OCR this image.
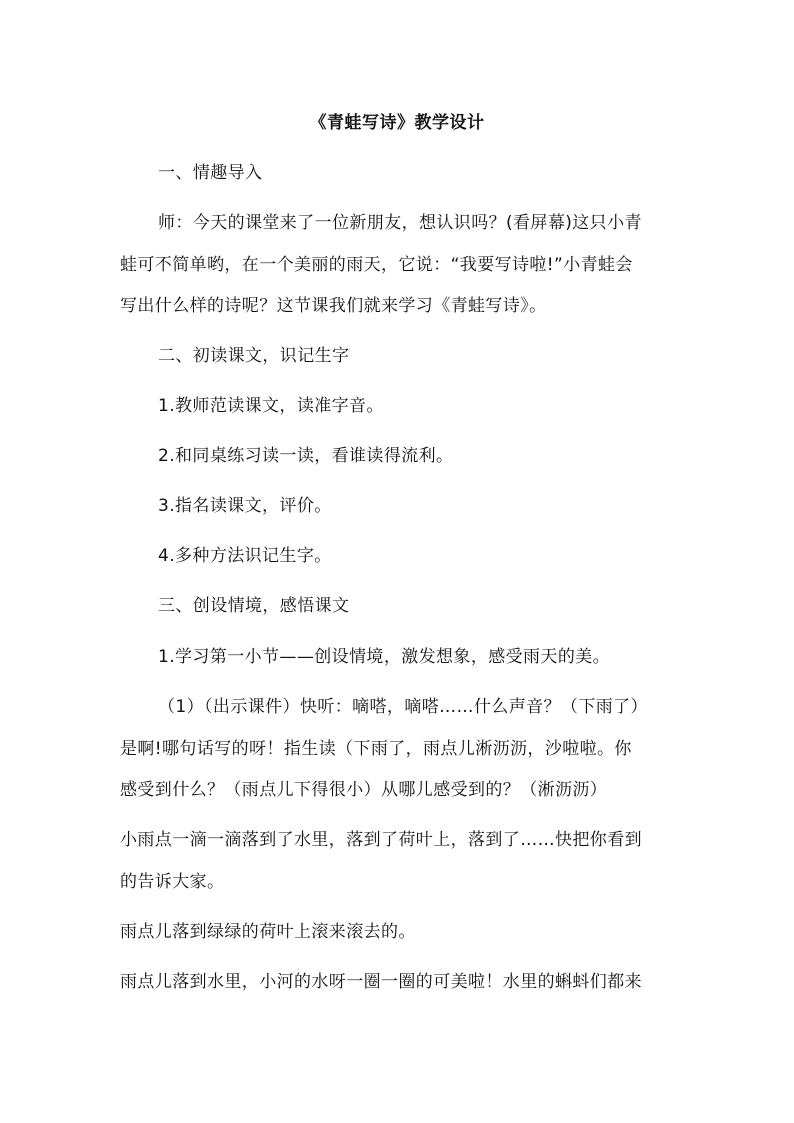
《青蛙写诗》教学设计
一、情趣导入
师：今天的课堂来了一位新朋友，想认识吗？(看屏幕)这只小青
蛙可不简单哟，在一个美丽的雨天，它说：“我要写诗啦!”小青蛙会
写出什么样的诗呢？这节课我们就来学习《青蛙写诗》。
二、初读课文，识记生字
1.教师范读课文，读准字音。
2.和同桌练习读一读，看谁读得流利。
3.指名读课文，评价。
4.多种方法识记生字。
三、创设情境，感悟课文
1.学习第一小节——创设情境，激发想象，感受雨天的美。
（1）（出示课件）快听：嘀嗒，嘀嗒……什么声音？（下雨了）
是啊!哪句话写的呀！指生读（下雨了，雨点儿淅沥沥，沙啦啦。你
感受到什么？（雨点儿下得很小）从哪儿感受到的？（淅沥沥）
小雨点一滴一滴落到了水里，落到了荷叶上，落到了……快把你看到
的告诉大家。
雨点儿落到绿绿的荷叶上滚来滚去的。
雨点儿落到水里，小河的水呀一圈一圈的可美啦！水里的蝌蚪们都来
